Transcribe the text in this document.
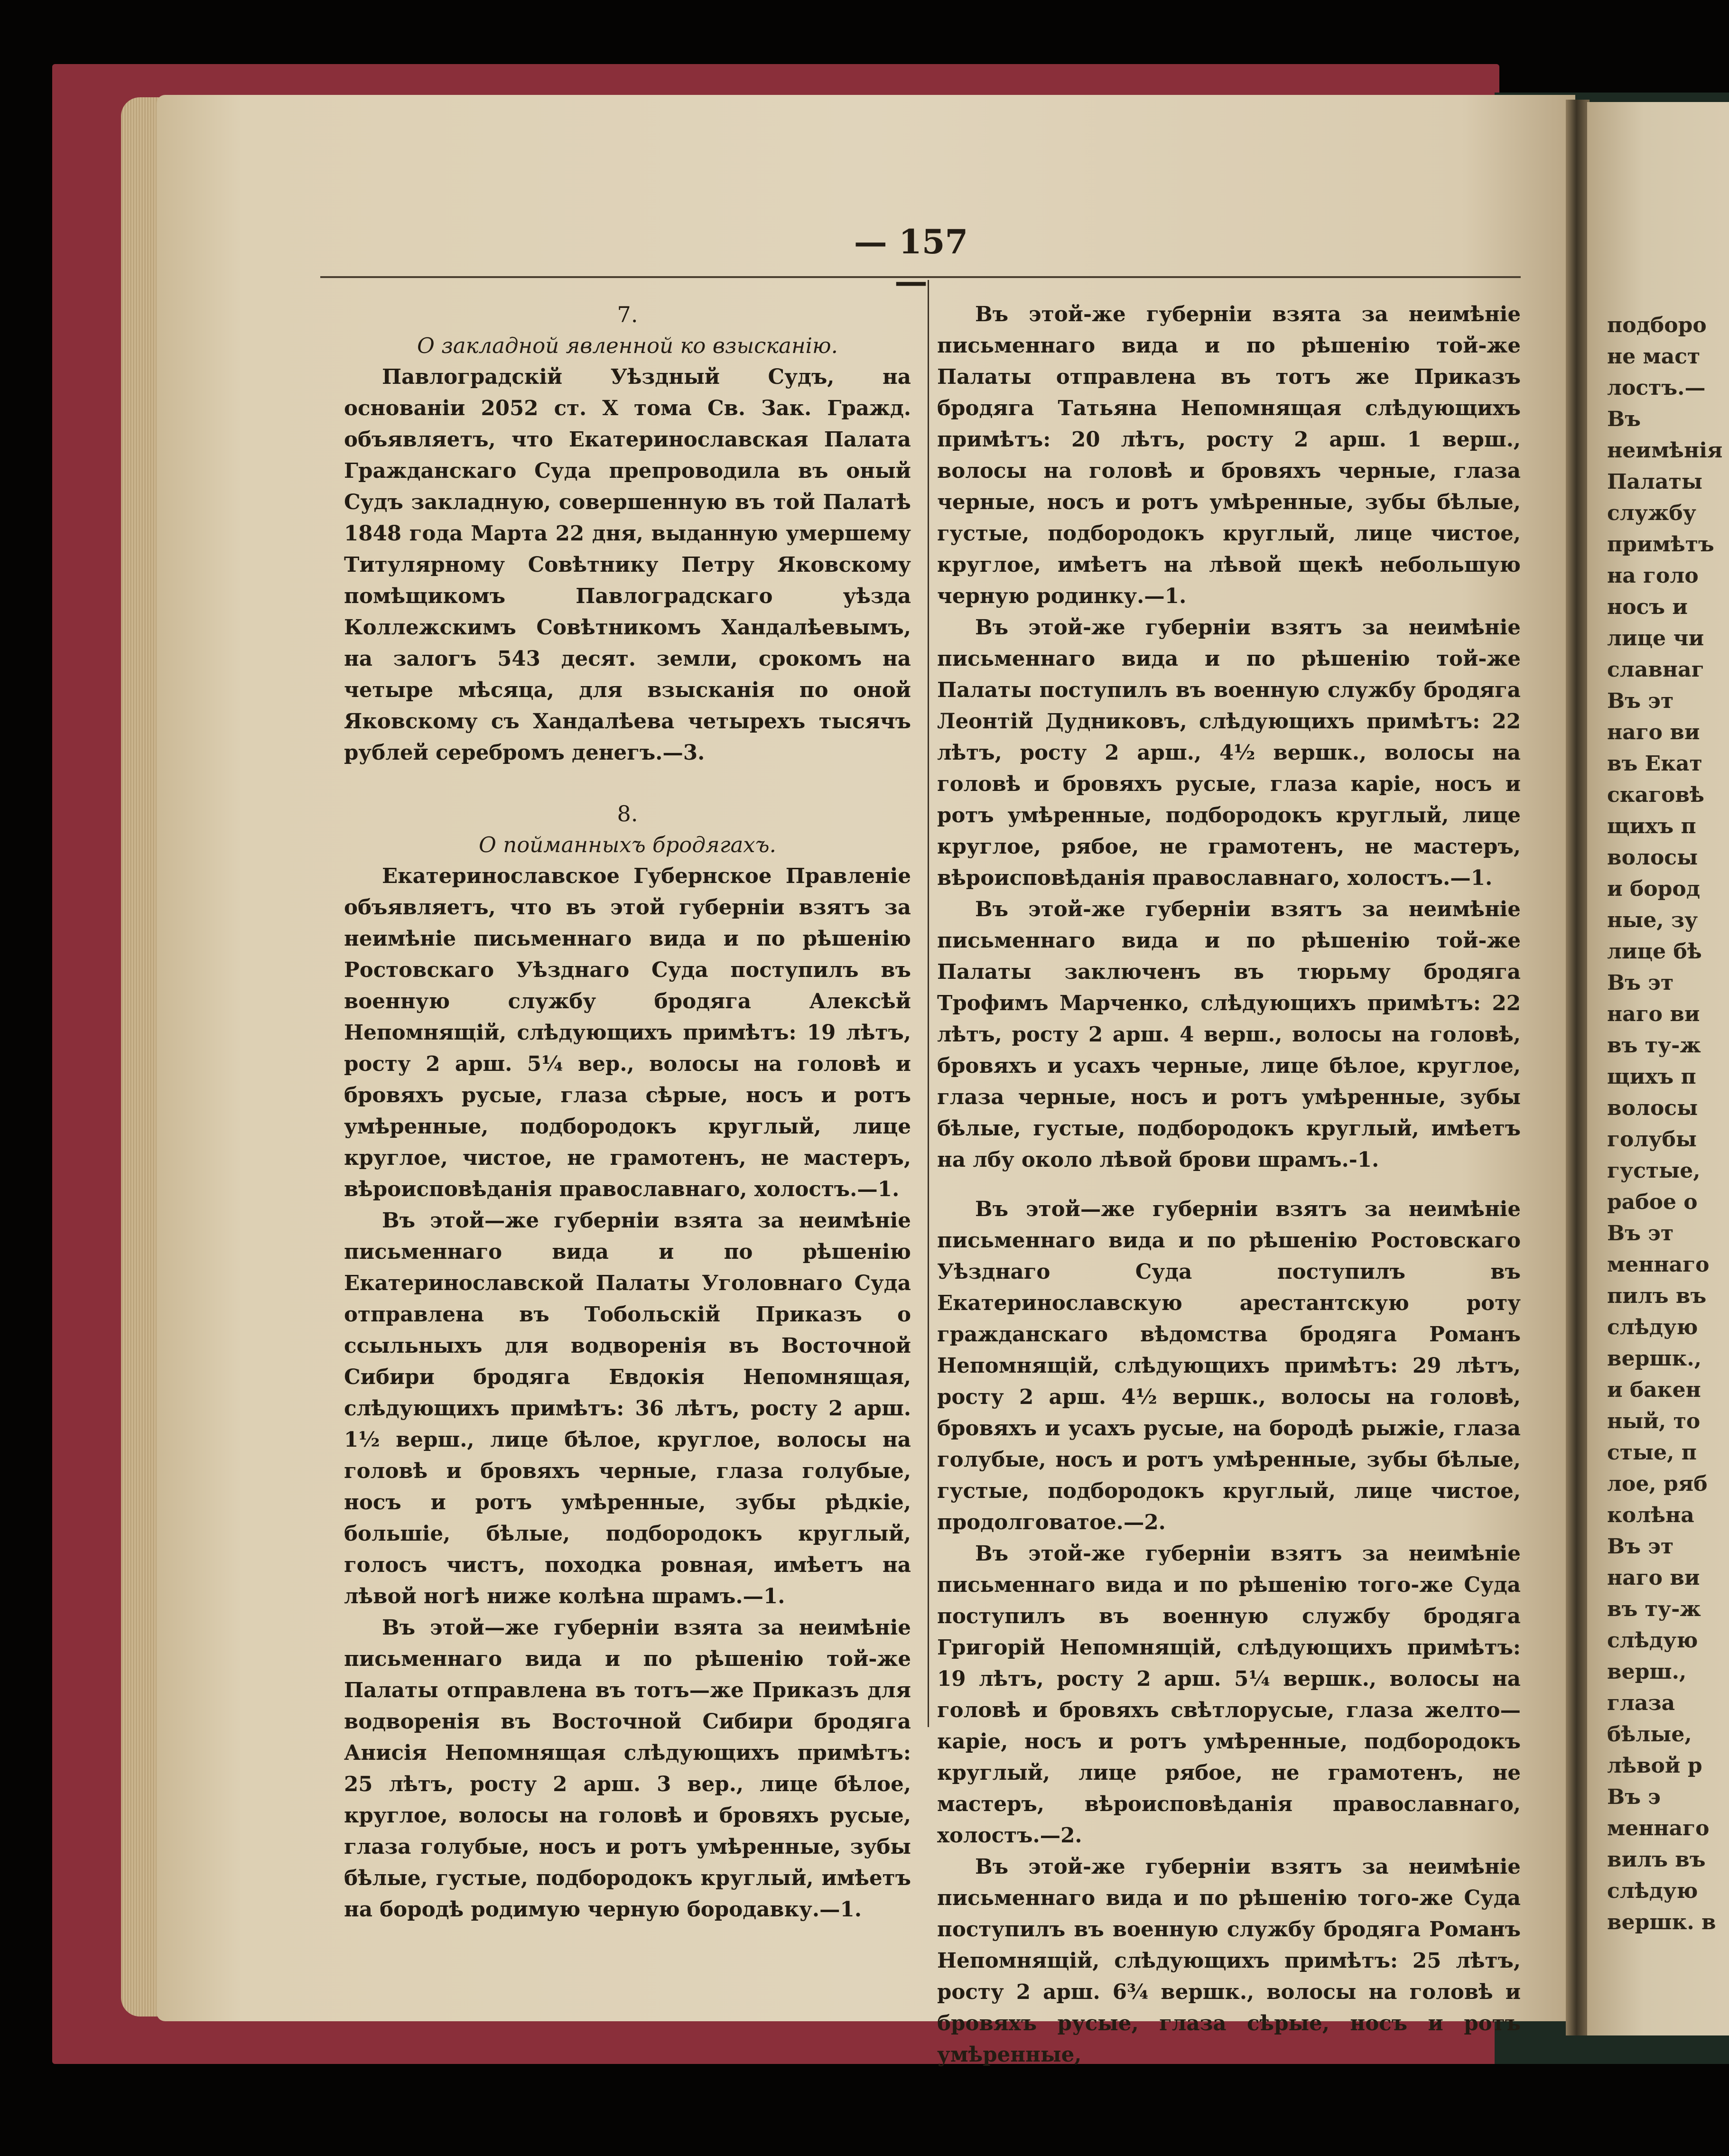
подборо
не маст
лостъ.—
Въ
неимѣнія
Палаты
службу
примѣтъ
на голо
носъ и
лице чи
славнаг
Въ эт
наго ви
въ Екат
скаговѣ
щихъ п
волосы
и бород
ные, зу
лице бѣ
Въ эт
наго ви
въ ту-ж
щихъ п
волосы
голубы
густые,
рабое о
Въ эт
меннаго
пилъ въ
слѣдую
вершк.,
и бакен
ный, то
стые, п
лое, ряб
колѣна
Въ эт
наго ви
въ ту-ж
слѣдую
верш.,
глаза
бѣлые,
лѣвой р
Въ э
меннаго
вилъ въ
слѣдую
вершк. в
— 157 —

7.

О закладной явленной ко взысканію.

Павлоградскій Уѣздный Судъ, на основаніи 2052 ст. X тома Св. Зак. Гражд. объявляетъ, что Екатеринославская Палата Гражданскаго Суда препроводила въ оный Судъ закладную, совершенную въ той Палатѣ 1848 года Марта 22 дня, выданную умершему Титулярному Совѣтнику Петру Яковскому помѣщикомъ Павлоградскаго уѣзда Коллежскимъ Совѣтникомъ Хандалѣевымъ, на залогъ 543 десят. земли, срокомъ на четыре мѣсяца, для взысканія по оной Яковскому съ Хандалѣева четырехъ тысячъ рублей серебромъ денегъ.—3.

8.

О пойманныхъ бродягахъ.

Екатеринославское Губернское Правленіе объявляетъ, что въ этой губерніи взятъ за неимѣніе письменнаго вида и по рѣшенію Ростовскаго Уѣзднаго Суда поступилъ въ военную службу бродяга Алексѣй Непомнящій, слѣдующихъ примѣтъ: 19 лѣтъ, росту 2 арш. 5¼ вер., волосы на головѣ и бровяхъ русые, глаза сѣрые, носъ и ротъ умѣренные, подбородокъ круглый, лице круглое, чистое, не грамотенъ, не мастеръ, вѣроисповѣданія православнаго, холостъ.—1.

Въ этой—же губерніи взята за неимѣніе письменнаго вида и по рѣшенію Екатеринославской Палаты Уголовнаго Суда отправлена въ Тобольскій Приказъ о ссыльныхъ для водворенія въ Восточной Сибири бродяга Евдокія Непомнящая, слѣдующихъ примѣтъ: 36 лѣтъ, росту 2 арш. 1½ верш., лице бѣлое, круглое, волосы на головѣ и бровяхъ черные, глаза голубые, носъ и ротъ умѣренные, зубы рѣдкіе, большіе, бѣлые, подбородокъ круглый, голосъ чистъ, походка ровная, имѣетъ на лѣвой ногѣ ниже колѣна шрамъ.—1.

Въ этой—же губерніи взята за неимѣніе письменнаго вида и по рѣшенію той-же Палаты отправлена въ тотъ—же Приказъ для водворенія въ Восточной Сибири бродяга Анисія Непомнящая слѣдующихъ примѣтъ: 25 лѣтъ, росту 2 арш. 3 вер., лице бѣлое, круглое, волосы на головѣ и бровяхъ русые, глаза голубые, носъ и ротъ умѣренные, зубы бѣлые, густые, подбородокъ круглый, имѣетъ на бородѣ родимую черную бородавку.—1.

Въ этой-же губерніи взята за неимѣніе письменнаго вида и по рѣшенію той-же Палаты отправлена въ тотъ же Приказъ бродяга Татьяна Непомнящая слѣдующихъ примѣтъ: 20 лѣтъ, росту 2 арш. 1 верш., волосы на головѣ и бровяхъ черные, глаза черные, носъ и ротъ умѣренные, зубы бѣлые, густые, подбородокъ круглый, лице чистое, круглое, имѣетъ на лѣвой щекѣ небольшую черную родинку.—1.

Въ этой-же губерніи взятъ за неимѣніе письменнаго вида и по рѣшенію той-же Палаты поступилъ въ военную службу бродяга Леонтій Дудниковъ, слѣдующихъ примѣтъ: 22 лѣтъ, росту 2 арш., 4½ вершк., волосы на головѣ и бровяхъ русые, глаза каріе, носъ и ротъ умѣренные, подбородокъ круглый, лице круглое, рябое, не грамотенъ, не мастеръ, вѣроисповѣданія православнаго, холостъ.—1.

Въ этой-же губерніи взятъ за неимѣніе письменнаго вида и по рѣшенію той-же Палаты заключенъ въ тюрьму бродяга Трофимъ Марченко, слѣдующихъ примѣтъ: 22 лѣтъ, росту 2 арш. 4 верш., волосы на головѣ, бровяхъ и усахъ черные, лице бѣлое, круглое, глаза черные, носъ и ротъ умѣренные, зубы бѣлые, густые, подбородокъ круглый, имѣетъ на лбу около лѣвой брови шрамъ.-1.

Въ этой—же губерніи взятъ за неимѣніе письменнаго вида и по рѣшенію Ростовскаго Уѣзднаго Суда поступилъ въ Екатеринославскую арестантскую роту гражданскаго вѣдомства бродяга Романъ Непомнящій, слѣдующихъ примѣтъ: 29 лѣтъ, росту 2 арш. 4½ вершк., волосы на головѣ, бровяхъ и усахъ русые, на бородѣ рыжіе, глаза голубые, носъ и ротъ умѣренные, зубы бѣлые, густые, подбородокъ круглый, лице чистое, продолговатое.—2.

Въ этой-же губерніи взятъ за неимѣніе письменнаго вида и по рѣшенію того-же Суда поступилъ въ военную службу бродяга Григорій Непомнящій, слѣдующихъ примѣтъ: 19 лѣтъ, росту 2 арш. 5¼ вершк., волосы на головѣ и бровяхъ свѣтлорусые, глаза желто—каріе, носъ и ротъ умѣренные, подбородокъ круглый, лице рябое, не грамотенъ, не мастеръ, вѣроисповѣданія православнаго, холостъ.—2.

Въ этой-же губерніи взятъ за неимѣніе письменнаго вида и по рѣшенію того-же Суда поступилъ въ военную службу бродяга Романъ Непомнящій, слѣдующихъ примѣтъ: 25 лѣтъ, росту 2 арш. 6¾ вершк., волосы на головѣ и бровяхъ русые, глаза сѣрые, носъ и ротъ умѣренные,
